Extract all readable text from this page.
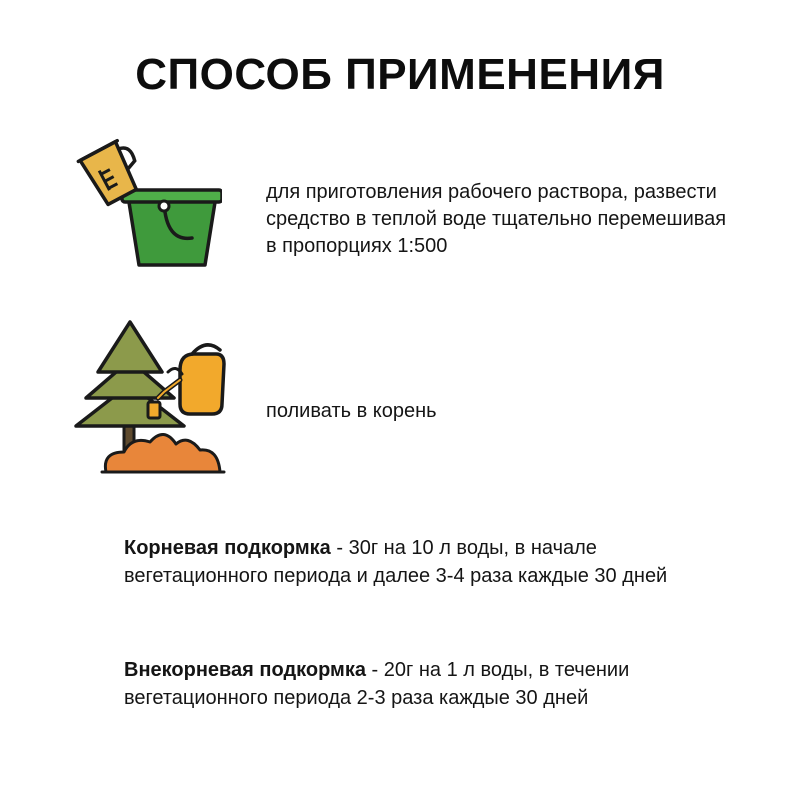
СПОСОБ ПРИМЕНЕНИЯ
для приготовления рабочего раствора, развести средство в теплой воде тщательно перемешивая в пропорциях 1:500
поливать в корень
Корневая подкормка - 30г на 10 л воды, в начале вегетационного периода и далее 3-4 раза каждые 30 дней
Внекорневая подкормка - 20г на 1 л воды, в течении вегетационного периода 2-3 раза каждые 30 дней
